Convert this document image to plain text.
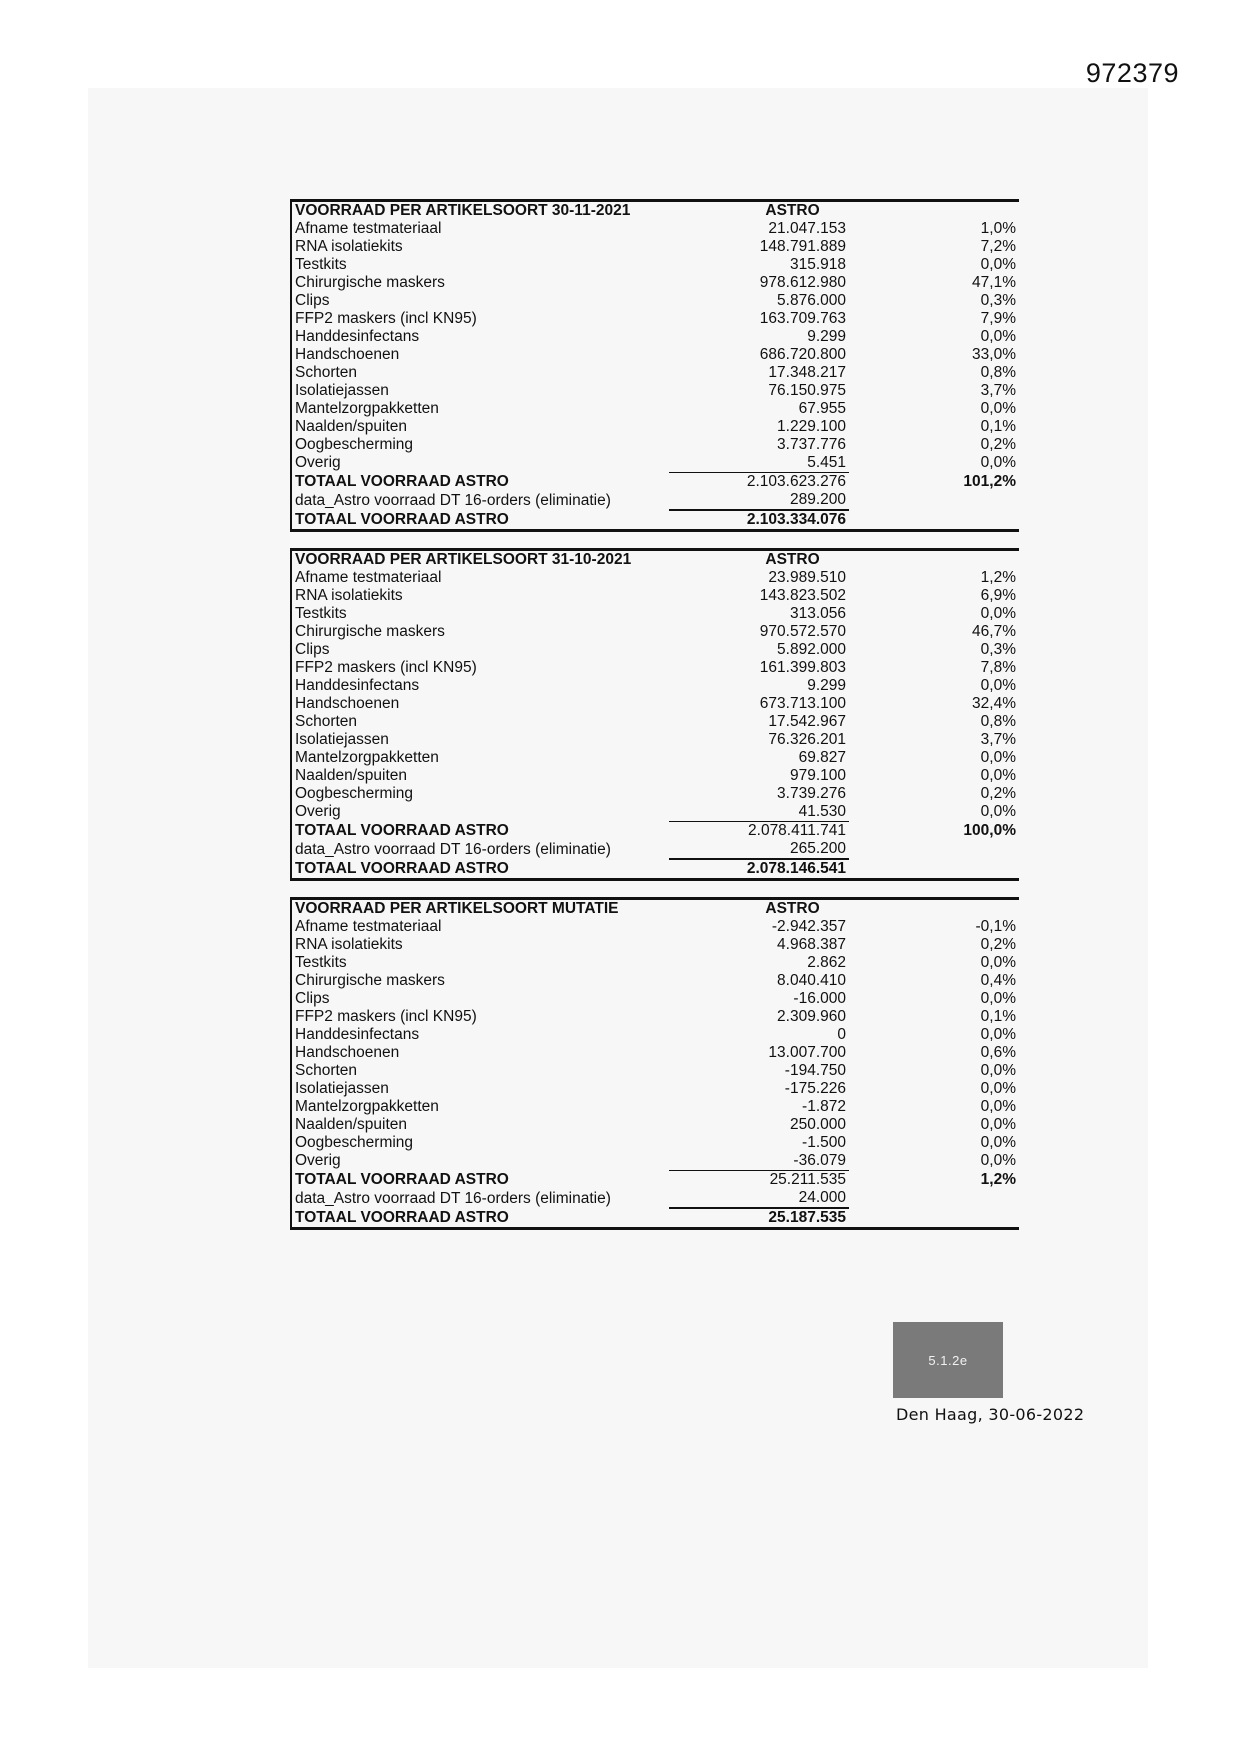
972379
VOORRAAD PER ARTIKELSOORT 30-11-2021	ASTRO	
Afname testmateriaal	21.047.153	1,0%
RNA isolatiekits	148.791.889	7,2%
Testkits	315.918	0,0%
Chirurgische maskers	978.612.980	47,1%
Clips	5.876.000	0,3%
FFP2 maskers (incl KN95)	163.709.763	7,9%
Handdesinfectans	9.299	0,0%
Handschoenen	686.720.800	33,0%
Schorten	17.348.217	0,8%
Isolatiejassen	76.150.975	3,7%
Mantelzorgpakketten	67.955	0,0%
Naalden/spuiten	1.229.100	0,1%
Oogbescherming	3.737.776	0,2%
Overig	5.451	0,0%
TOTAAL VOORRAAD ASTRO	2.103.623.276	101,2%
data_Astro voorraad DT 16-orders (eliminatie)	289.200	
TOTAAL VOORRAAD ASTRO	2.103.334.076	
VOORRAAD PER ARTIKELSOORT 31-10-2021	ASTRO	
Afname testmateriaal	23.989.510	1,2%
RNA isolatiekits	143.823.502	6,9%
Testkits	313.056	0,0%
Chirurgische maskers	970.572.570	46,7%
Clips	5.892.000	0,3%
FFP2 maskers (incl KN95)	161.399.803	7,8%
Handdesinfectans	9.299	0,0%
Handschoenen	673.713.100	32,4%
Schorten	17.542.967	0,8%
Isolatiejassen	76.326.201	3,7%
Mantelzorgpakketten	69.827	0,0%
Naalden/spuiten	979.100	0,0%
Oogbescherming	3.739.276	0,2%
Overig	41.530	0,0%
TOTAAL VOORRAAD ASTRO	2.078.411.741	100,0%
data_Astro voorraad DT 16-orders (eliminatie)	265.200	
TOTAAL VOORRAAD ASTRO	2.078.146.541	
VOORRAAD PER ARTIKELSOORT MUTATIE	ASTRO	
Afname testmateriaal	-2.942.357	-0,1%
RNA isolatiekits	4.968.387	0,2%
Testkits	2.862	0,0%
Chirurgische maskers	8.040.410	0,4%
Clips	-16.000	0,0%
FFP2 maskers (incl KN95)	2.309.960	0,1%
Handdesinfectans	0	0,0%
Handschoenen	13.007.700	0,6%
Schorten	-194.750	0,0%
Isolatiejassen	-175.226	0,0%
Mantelzorgpakketten	-1.872	0,0%
Naalden/spuiten	250.000	0,0%
Oogbescherming	-1.500	0,0%
Overig	-36.079	0,0%
TOTAAL VOORRAAD ASTRO	25.211.535	1,2%
data_Astro voorraad DT 16-orders (eliminatie)	24.000	
TOTAAL VOORRAAD ASTRO	25.187.535	
5.1.2e
Den Haag, 30-06-2022
